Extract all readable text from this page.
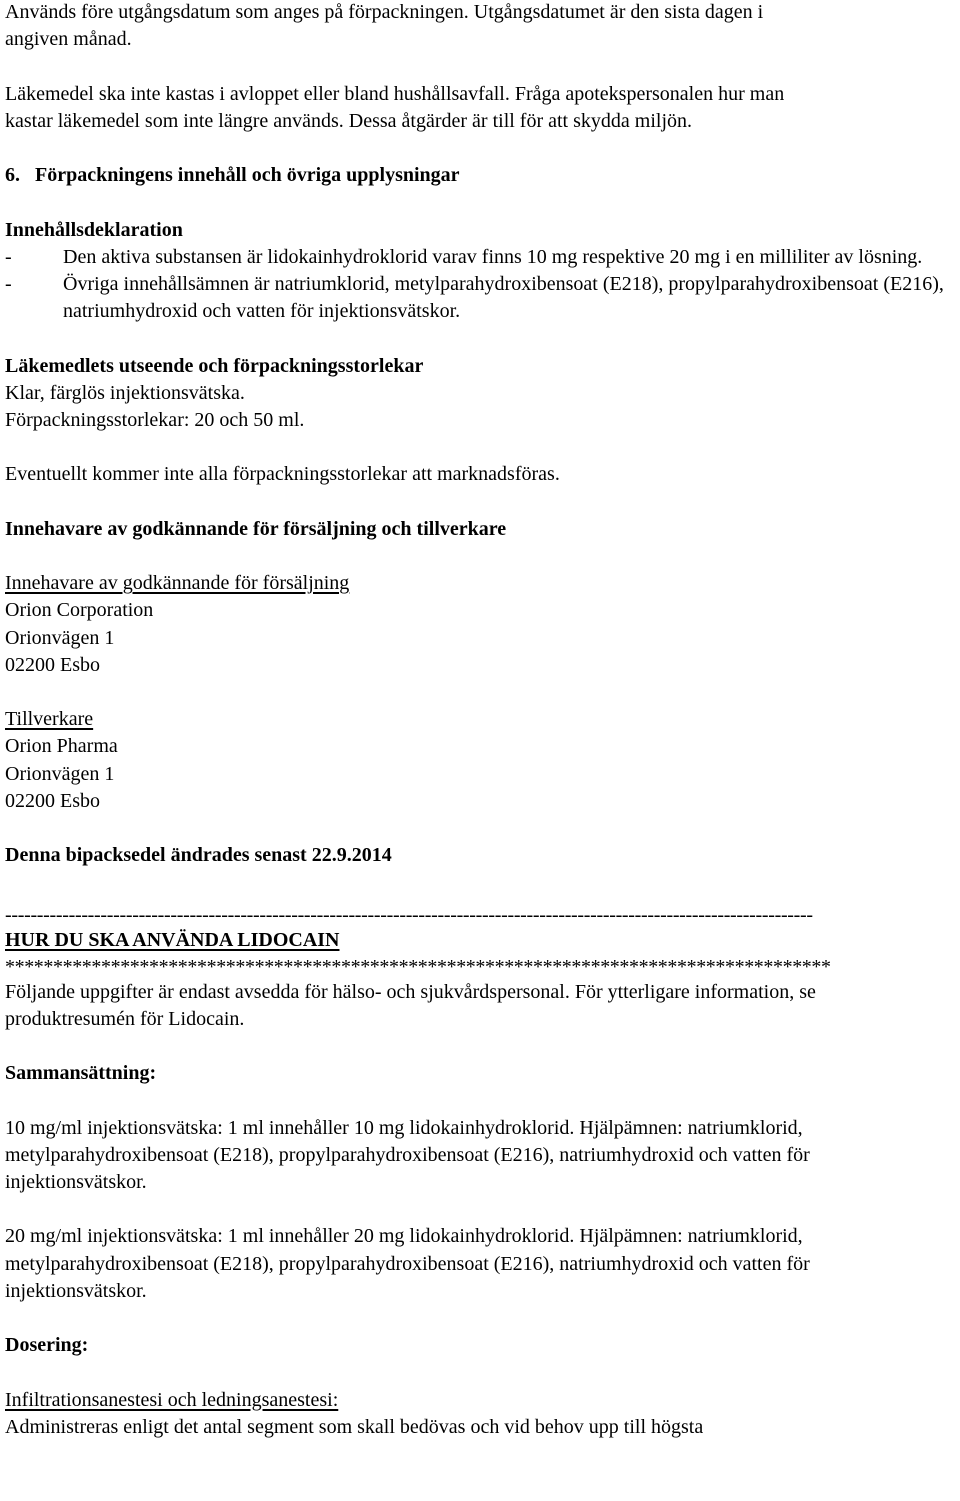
Används före utgångsdatum som anges på förpackningen. Utgångsdatumet är den sista dagen i
angiven månad.
Läkemedel ska inte kastas i avloppet eller bland hushållsavfall. Fråga apotekspersonalen hur man
kastar läkemedel som inte längre används. Dessa åtgärder är till för att skydda miljön.
6.   Förpackningens innehåll och övriga upplysningar
Innehållsdeklaration
-	Den aktiva substansen är lidokainhydroklorid varav finns 10 mg respektive 20 mg i en milliliter av lösning.
-	Övriga innehållsämnen är natriumklorid, metylparahydroxibensoat (E218), propylparahydroxibensoat (E216), natriumhydroxid och vatten för injektionsvätskor.
Läkemedlets utseende och förpackningsstorlekar
Klar, färglös injektionsvätska.
Förpackningsstorlekar: 20 och 50 ml.
Eventuellt kommer inte alla förpackningsstorlekar att marknadsföras.
Innehavare av godkännande för försäljning och tillverkare
Innehavare av godkännande för försäljning
Orion Corporation
Orionvägen 1
02200 Esbo
Tillverkare
Orion Pharma
Orionvägen 1
02200 Esbo
Denna bipacksedel ändrades senast 22.9.2014
-------------------------------------------------------------------------------------------------------------------------------
HUR DU SKA ANVÄNDA LIDOCAIN
**************************************************************************************
Följande uppgifter är endast avsedda för hälso- och sjukvårdspersonal. För ytterligare information, se
produktresumén för Lidocain.
Sammansättning:
10 mg/ml injektionsvätska: 1 ml innehåller 10 mg lidokainhydroklorid. Hjälpämnen: natriumklorid, metylparahydroxibensoat (E218), propylparahydroxibensoat (E216), natriumhydroxid och vatten för injektionsvätskor.
20 mg/ml injektionsvätska: 1 ml innehåller 20 mg lidokainhydroklorid. Hjälpämnen: natriumklorid, metylparahydroxibensoat (E218), propylparahydroxibensoat (E216), natriumhydroxid och vatten för injektionsvätskor.
Dosering:
Infiltrationsanestesi och ledningsanestesi:
Administreras enligt det antal segment som skall bedövas och vid behov upp till högsta
